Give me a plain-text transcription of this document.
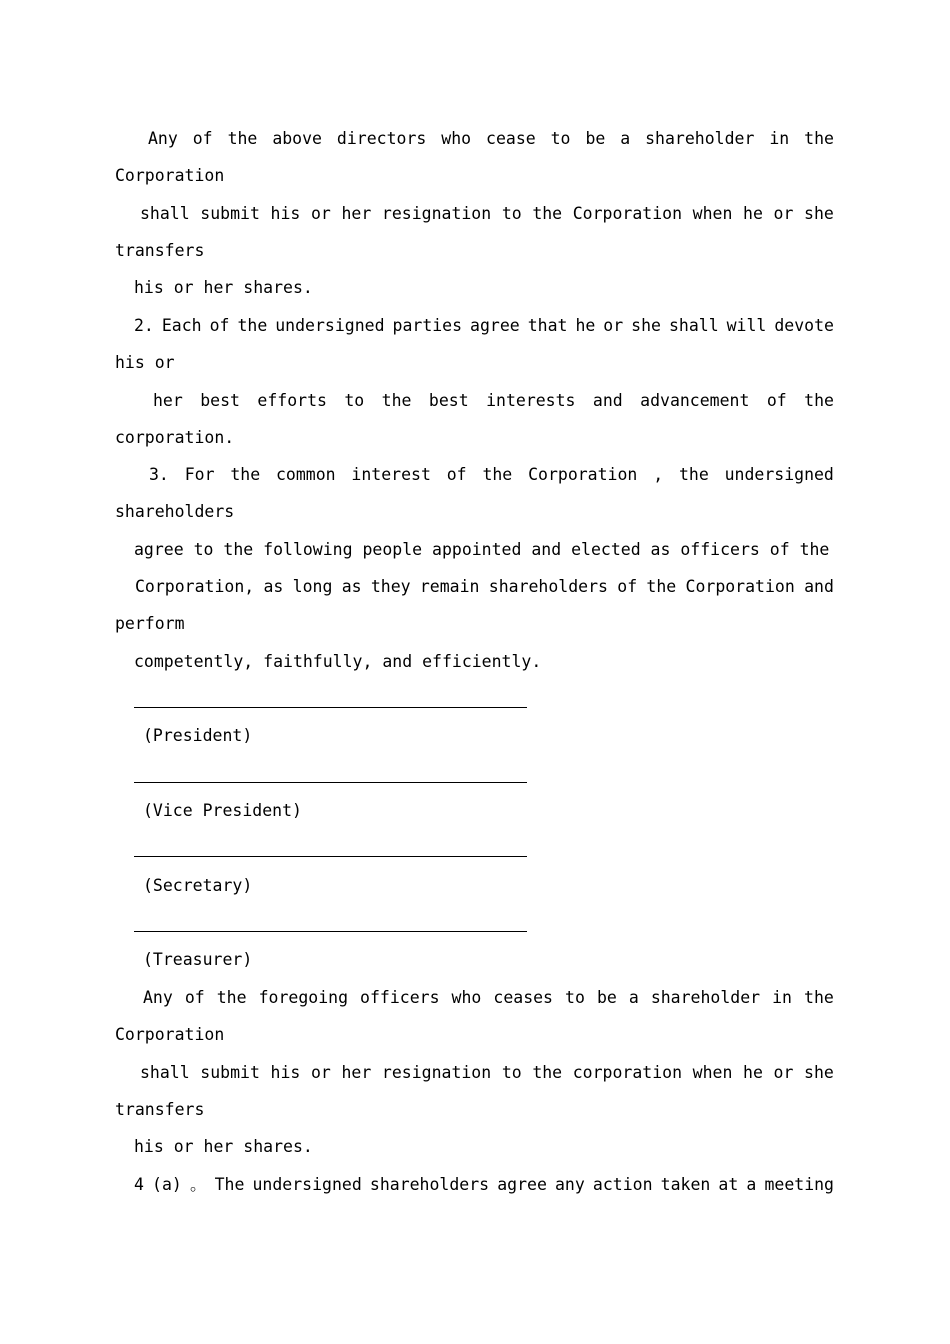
Any of the above directors who cease to be a shareholder in the
Corporation
shall submit his or her resignation to the Corporation when he or she
transfers
his or her shares.
2. Each of the undersigned parties agree that he or she shall will devote
his or
her best efforts to the best interests and advancement of the
corporation.
3. For the common interest of the Corporation , the undersigned
shareholders
agree to the following people appointed and elected as officers of the
Corporation, as long as they remain shareholders of the Corporation and
perform
competently, faithfully, and efficiently.
(President)
(Vice President)
(Secretary)
(Treasurer)
Any of the foregoing officers who ceases to be a shareholder in the
Corporation
shall submit his or her resignation to the corporation when he or she
transfers
his or her shares.
4 (a) 。 The undersigned shareholders agree any action taken at a meeting
